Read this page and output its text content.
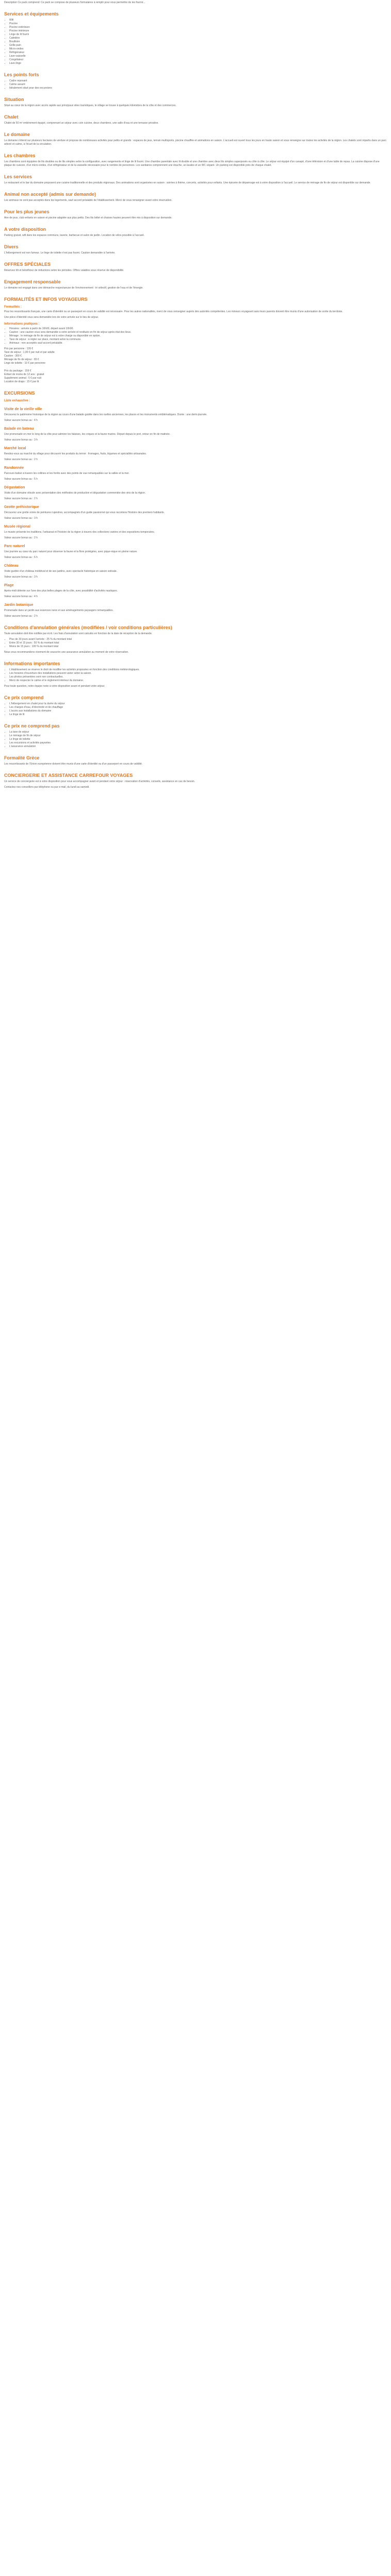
Description Ce pack comprend: Ce pack se compose de plusieurs formulaires à remplir pour vous permettre de les fournir...

Services et équipements
• Wifi
• Piscine
• Piscine extérieure
• Piscine intérieure
• Linge de lit fourni
• Cafetière
• Bouilloire
• Grille-pain
• Micro-ondes
• Réfrigérateur
• Lave-vaisselle
• Congélateur
• Lave-linge
Les points forts
• Cadre reposant
• Calme assuré
• Idéalement situé pour des excursions
Situation

Situé au cœur de la région avec accès rapide aux principaux sites touristiques, le village se trouve à quelques kilomètres de la côte et des commerces.

Chalet

Chalet de 50 m² entièrement équipé, comprenant un séjour avec coin cuisine, deux chambres, une salle d'eau et une terrasse privative.

Le domaine

Le domaine s'étend sur plusieurs hectares de verdure et propose de nombreuses activités pour petits et grands : espaces de jeux, terrain multisports, piscine chauffée et animations en saison. L'accueil est ouvert tous les jours en haute saison et vous renseigne sur toutes les activités de la région. Les chalets sont répartis dans un parc arboré et calme, à l'écart de la circulation.

Les chambres

Les chambres sont équipées de lits doubles ou de lits simples selon la configuration, avec rangements et linge de lit fourni. Une chambre parentale avec lit double et une chambre avec deux lits simples superposés ou côte à côte. Le séjour est équipé d'un canapé, d'une télévision et d'une table de repas. La cuisine dispose d'une plaque de cuisson, d'un micro-ondes, d'un réfrigérateur et de la vaisselle nécessaire pour le nombre de personnes. Les sanitaires comprennent une douche, un lavabo et un WC séparé. Un parking est disponible près de chaque chalet.

Les services

Le restaurant et le bar du domaine proposent une cuisine traditionnelle et des produits régionaux. Des animations sont organisées en saison : soirées à thème, concerts, activités pour enfants. Une épicerie de dépannage est à votre disposition à l'accueil. Le service de ménage de fin de séjour est disponible sur demande.

Animal non accepté (admis sur demande)

Les animaux ne sont pas acceptés dans les logements, sauf accord préalable de l'établissement. Merci de vous renseigner avant votre réservation.

Pour les plus jeunes

Aire de jeux, club enfants en saison et piscine adaptée aux plus petits. Des lits bébé et chaises hautes peuvent être mis à disposition sur demande.

A votre disposition

Parking gratuit, wifi dans les espaces communs, laverie, barbecue et salon de jardin. Location de vélos possible à l'accueil.

Divers

L'hébergement est non fumeur. Le linge de toilette n'est pas fourni. Caution demandée à l'arrivée.

OFFRES SPÉCIALES

Réservez tôt et bénéficiez de réductions selon les périodes. Offres valables sous réserve de disponibilité.

Engagement responsable

Le domaine est engagé dans une démarche respectueuse de l'environnement : tri sélectif, gestion de l'eau et de l'énergie.

FORMALITÉS ET INFOS VOYAGEURS
Formalités :

Pour les ressortissants français, une carte d'identité ou un passeport en cours de validité est nécessaire. Pour les autres nationalités, merci de vous renseigner auprès des autorités compétentes. Les mineurs voyageant sans leurs parents doivent être munis d'une autorisation de sortie du territoire.

Une pièce d'identité vous sera demandée lors de votre arrivée sur le lieu de séjour.

Informations pratiques :
• Horaires : arrivée à partir de 16h00, départ avant 10h00.
• Caution : une caution vous sera demandée à votre arrivée et restituée en fin de séjour après état des lieux.
• Ménage : le ménage de fin de séjour est à votre charge ou disponible en option.
• Taxe de séjour : à régler sur place, montant selon la commune.
• Animaux : non acceptés sauf accord préalable.

Prix par personne : 139 €

Taxe de séjour : 1,00 € par nuit et par adulte

Caution : 300 €

Ménage de fin de séjour : 65 €

Linge de toilette : 10 € par personne

Prix du package : 159 €

Enfant de moins de 12 ans : gratuit

Supplément animal : 5 € par nuit

Location de draps : 15 € par lit

EXCURSIONS
Liste exhaustive :
Visite de la vieille ville

Découvrez le patrimoine historique de la région au cours d'une balade guidée dans les ruelles anciennes, les places et les monuments emblématiques. Durée : une demi-journée.

Valeur aucune bonus au : 4 h

Balade en bateau

Une promenade en mer le long de la côte pour admirer les falaises, les criques et la faune marine. Départ depuis le port, retour en fin de matinée.

Valeur aucune bonus au : 3 h

Marché local

Rendez-vous au marché du village pour découvrir les produits du terroir : fromages, fruits, légumes et spécialités artisanales.

Valeur aucune bonus au : 2 h

Randonnée

Parcours balisé à travers les collines et les forêts avec des points de vue remarquables sur la vallée et la mer.

Valeur aucune bonus au : 5 h

Dégustation

Visite d'un domaine viticole avec présentation des méthodes de production et dégustation commentée des vins de la région.

Valeur aucune bonus au : 2 h

Grotte préhistorique

Découvrez une grotte ornée de peintures rupestres, accompagnés d'un guide passionné qui vous racontera l'histoire des premiers habitants.

Valeur aucune bonus au : 3 h

Musée régional

Le musée présente les traditions, l'artisanat et l'histoire de la région à travers des collections variées et des expositions temporaires.

Valeur aucune bonus au : 2 h

Parc naturel

Une journée au cœur du parc naturel pour observer la faune et la flore protégées, avec pique-nique en pleine nature.

Valeur aucune bonus au : 6 h

Château

Visite guidée d'un château médiéval et de ses jardins, avec spectacle historique en saison estivale.

Valeur aucune bonus au : 3 h

Plage

Après-midi détente sur l'une des plus belles plages de la côte, avec possibilité d'activités nautiques.

Valeur aucune bonus au : 4 h

Jardin botanique

Promenade dans un jardin aux essences rares et aux aménagements paysagers remarquables.

Valeur aucune bonus au : 2 h

Conditions d'annulation générales (modifiées / voir conditions particulières)

Toute annulation doit être notifiée par écrit. Les frais d'annulation sont calculés en fonction de la date de réception de la demande.

• Plus de 30 jours avant l'arrivée : 25 % du montant total
• Entre 30 et 15 jours : 50 % du montant total
• Moins de 15 jours : 100 % du montant total

Nous vous recommandons vivement de souscrire une assurance annulation au moment de votre réservation.

Informations importantes
• L'établissement se réserve le droit de modifier les activités proposées en fonction des conditions météorologiques.
• Les horaires d'ouverture des installations peuvent varier selon la saison.
• Les photos présentées sont non contractuelles.
• Merci de respecter le calme et le règlement intérieur du domaine.

Pour toute question, notre équipe reste à votre disposition avant et pendant votre séjour.

Ce prix comprend
• L'hébergement en chalet pour la durée du séjour
• Les charges d'eau, d'électricité et de chauffage
• L'accès aux installations du domaine
• Le linge de lit
Ce prix ne comprend pas
• La taxe de séjour
• Le ménage de fin de séjour
• Le linge de toilette
• Les excursions et activités payantes
• L'assurance annulation
Formalité Grèce

Les ressortissants de l'Union européenne doivent être munis d'une carte d'identité ou d'un passeport en cours de validité.

CONCIERGERIE ET ASSISTANCE CARREFOUR VOYAGES

Un service de conciergerie est à votre disposition pour vous accompagner avant et pendant votre séjour : réservation d'activités, conseils, assistance en cas de besoin.

Contactez nos conseillers par téléphone ou par e-mail, du lundi au samedi.
